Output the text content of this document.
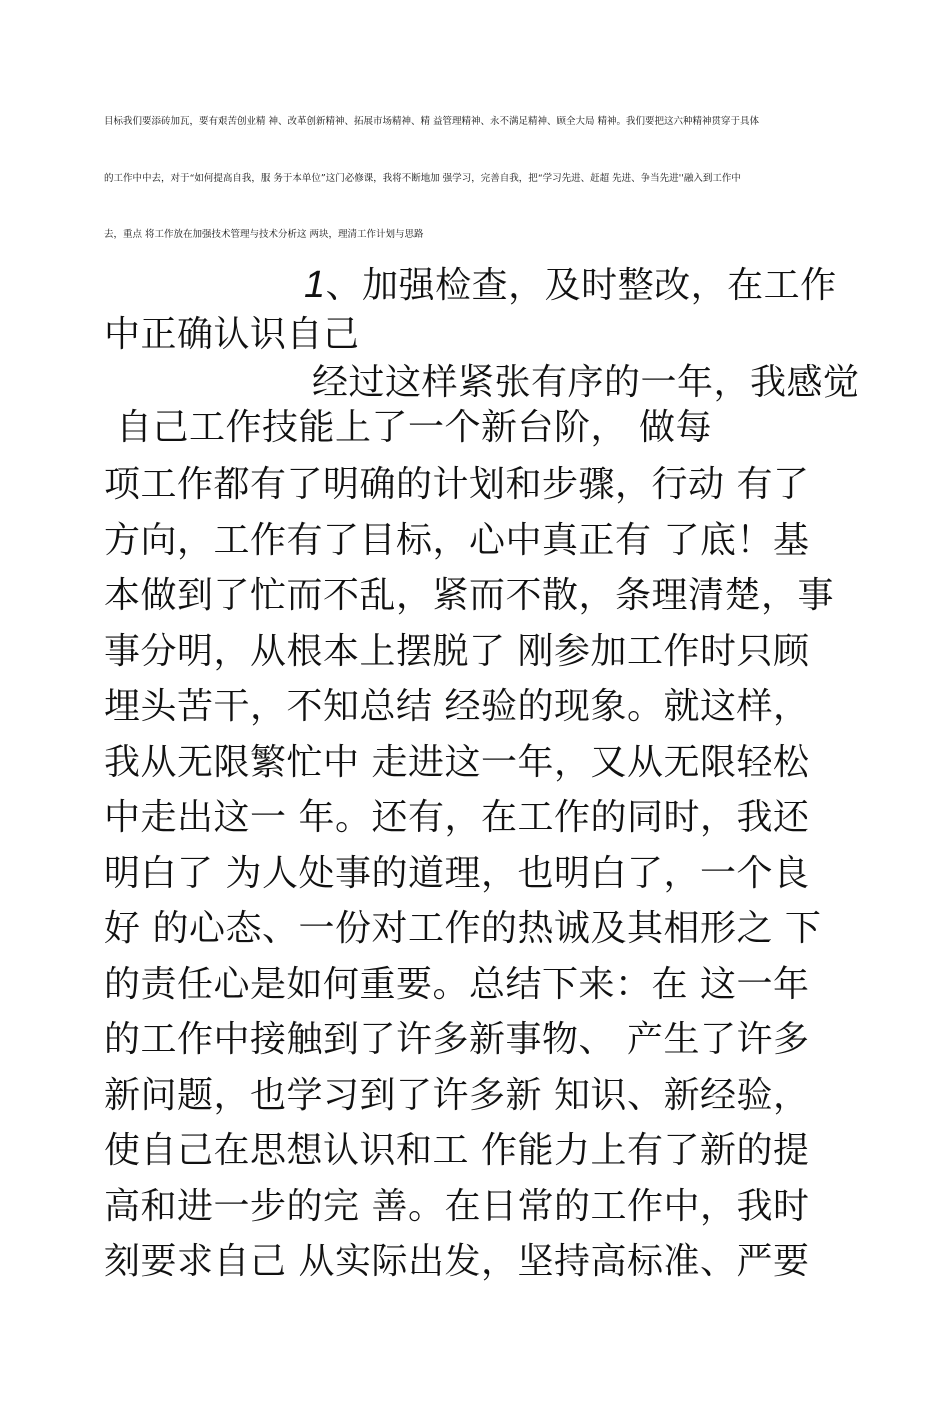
目标我们要添砖加瓦，要有艰苦创业精 神、改革创新精神、拓展市场精神、精 益管理精神、永不满足精神、顾全大局 精神。我们要把这六种精神贯穿于具体
的工作中中去，对于“如何提高自我，服 务于本单位”这门必修课，我将不断地加 强学习，完善自我，把“学习先进、赶超 先进、争当先进''融入到工作中
去，重点 将工作放在加强技术管理与技术分析这 两块，理清工作计划与思路
1、加强检查，及时整改，在工作
中正确认识自己
经过这样紧张有序的一年，我感觉
自己工作技能上了一个新台阶， 做每
项工作都有了明确的计划和步骤，行动 有了
方向，工作有了目标，心中真正有 了底！基
本做到了忙而不乱，紧而不散，条理清楚，事
事分明，从根本上摆脱了 刚参加工作时只顾
埋头苦干，不知总结 经验的现象。就这样，
我从无限繁忙中 走进这一年，又从无限轻松
中走出这一 年。还有，在工作的同时，我还
明白了 为人处事的道理，也明白了，一个良
好 的心态、一份对工作的热诚及其相形之 下
的责任心是如何重要。总结下来：在 这一年
的工作中接触到了许多新事物、 产生了许多
新问题，也学习到了许多新 知识、新经验，
使自己在思想认识和工 作能力上有了新的提
高和进一步的完 善。在日常的工作中，我时
刻要求自己 从实际出发，坚持高标准、严要
